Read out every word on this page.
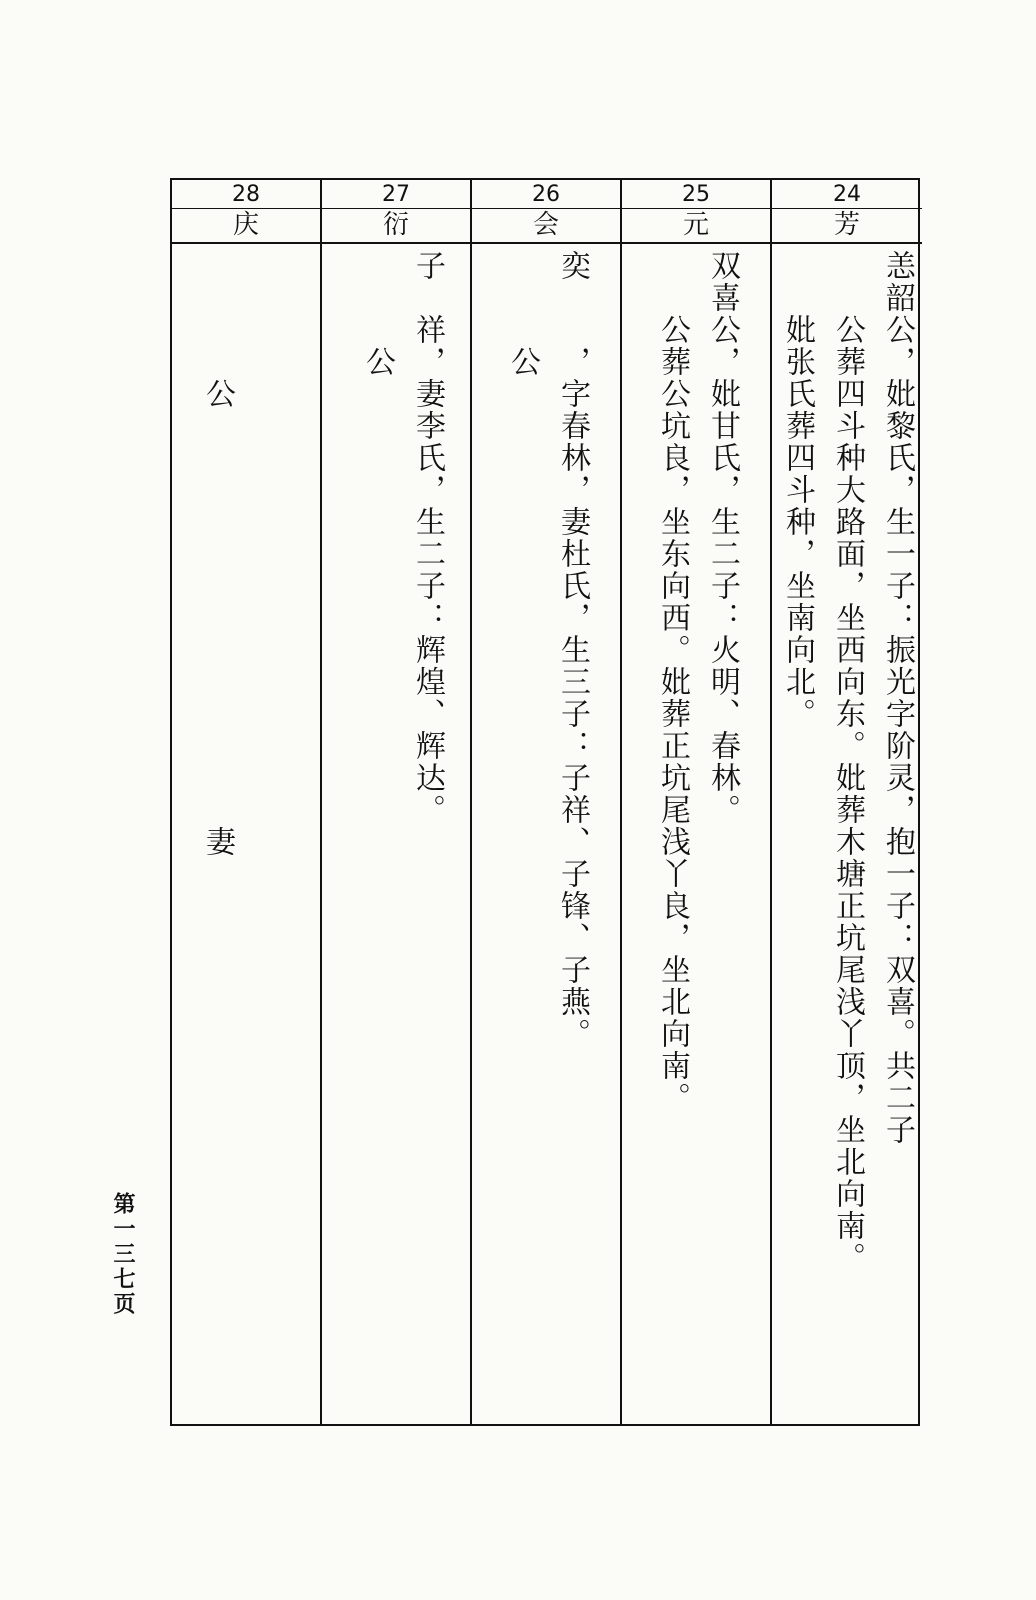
28
庆
　　　　公　　　　　　　　　　　　　妻
27
衍
　　　公 子　祥，妻李氏，生二子：辉煌、辉达。
26
会
　　　公 奕　　，字春林，妻杜氏，生三子：子祥、子锋、子燕。
25
元
　　公葬公坑良，坐东向西。妣葬正坑尾浅丫良，坐北向南。 双喜公，妣甘氏，生二子：火明、春林。
24
芳
　　妣张氏葬四斗种，坐南向北。 　　公葬四斗种大路面，坐西向东。妣葬木塘正坑尾浅丫顶，坐北向南。 恙韶公，妣黎氏，生一子：振光字阶灵，抱一子：双喜。共二子
第一三七页
